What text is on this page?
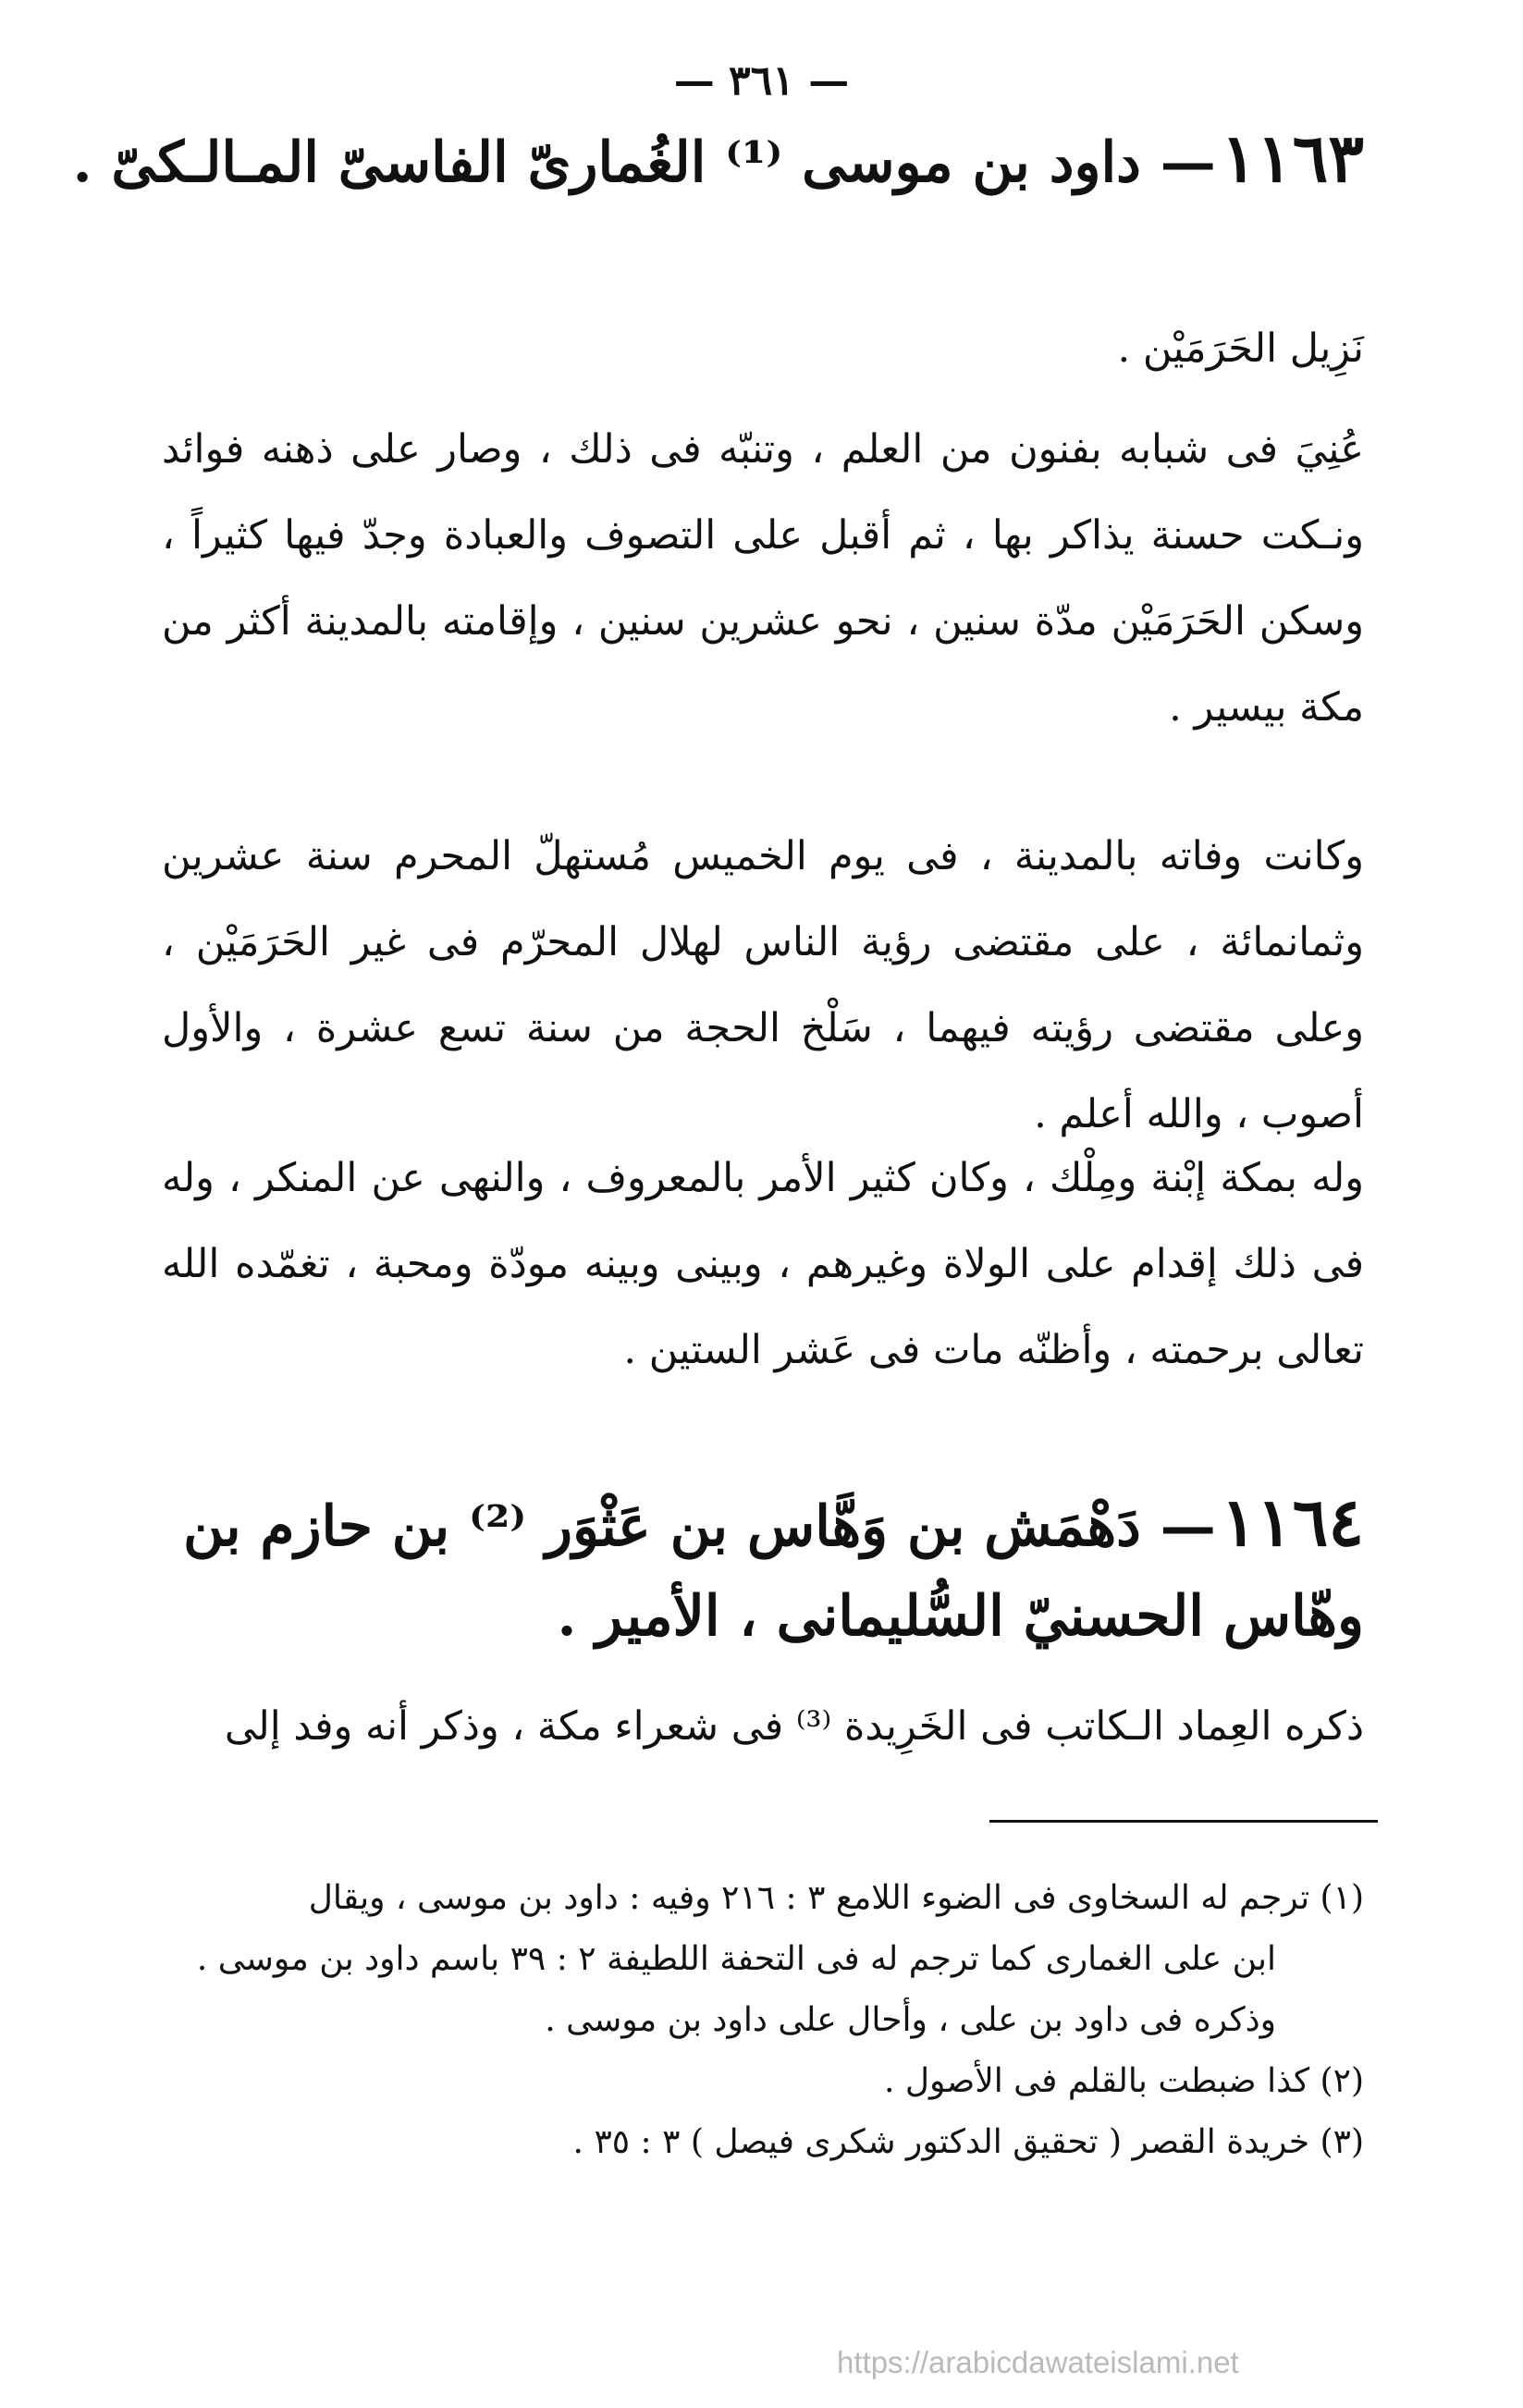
— ٣٦١ —
١١٦٣ — داود بن موسى ⁽¹⁾ الغُمارىّ الفاسىّ المـالـكىّ .
نَزِيل الحَرَمَيْن .
عُنِيَ فى شبابه بفنون من العلم ، وتنبّه فى ذلك ، وصار على ذهنه فوائد ونـكت حسنة يذاكر بها ، ثم أقبل على التصوف والعبادة وجدّ فيها كثيراً ، وسكن الحَرَمَيْن مدّة سنين ، نحو عشرين سنين ، وإقامته بالمدينة أكثر من مكة بيسير .
وكانت وفاته بالمدينة ، فى يوم الخميس مُستهلّ المحرم سنة عشرين وثمانمائة ، على مقتضى رؤية الناس لهلال المحرّم فى غير الحَرَمَيْن ، وعلى مقتضى رؤيته فيهما ، سَلْخ الحجة من سنة تسع عشرة ، والأول أصوب ، والله أعلم .
وله بمكة إبْنة ومِلْك ، وكان كثير الأمر بالمعروف ، والنهى عن المنكر ، وله فى ذلك إقدام على الولاة وغيرهم ، وبينى وبينه مودّة ومحبة ، تغمّده الله تعالى برحمته ، وأظنّه مات فى عَشر الستين .
١١٦٤ — دَهْمَش بن وَهَّاس بن عَثْوَر ⁽²⁾ بن حازم بن وهّاس الحسنيّ السُّليمانى ، الأمير .
ذكره العِماد الـكاتب فى الخَرِيدة ⁽³⁾ فى شعراء مكة ، وذكر أنه وفد إلى
(١) ترجم له السخاوى فى الضوء اللامع ٣ : ٢١٦ وفيه : داود بن موسى ، ويقال
ابن على الغمارى كما ترجم له فى التحفة اللطيفة ٢ : ٣٩ باسم داود بن موسى .
وذكره فى داود بن على ، وأحال على داود بن موسى .
(٢) كذا ضبطت بالقلم فى الأصول .
(٣) خريدة القصر ( تحقيق الدكتور شكرى فيصل ) ٣ : ٣٥ .
https://arabicdawateislami.net
